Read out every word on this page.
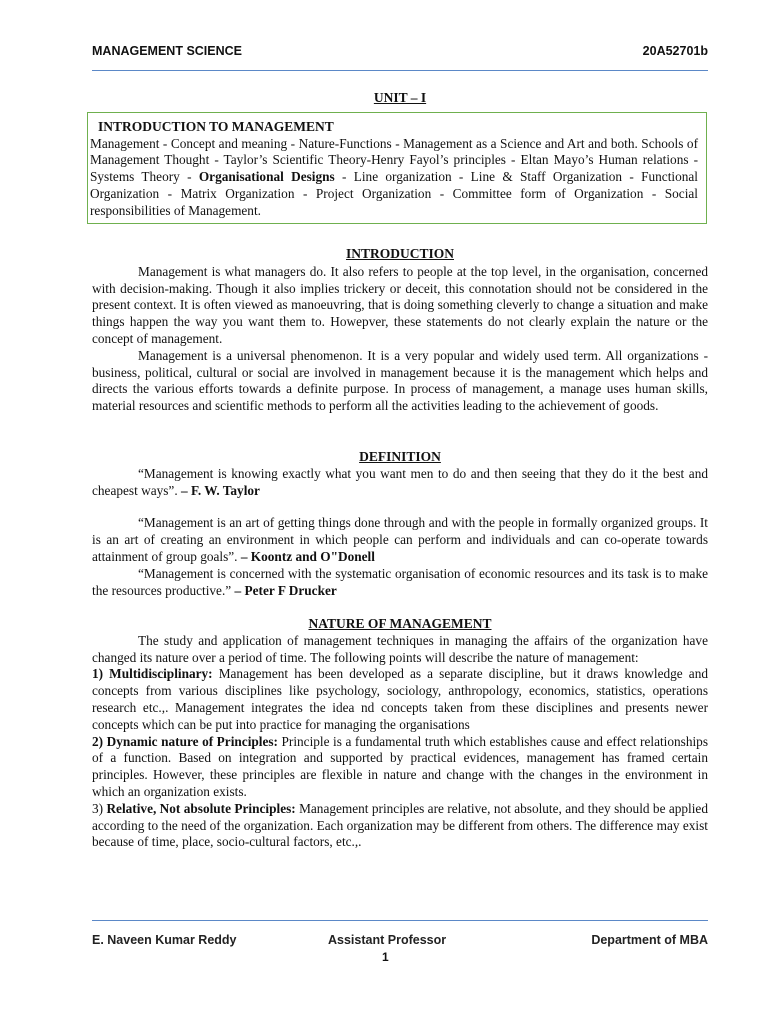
MANAGEMENT SCIENCE	20A52701b
UNIT – I
INTRODUCTION TO MANAGEMENT
Management - Concept and meaning - Nature-Functions - Management as a Science and Art and both. Schools of Management Thought - Taylor’s Scientific Theory-Henry Fayol’s principles - Eltan Mayo’s Human relations - Systems Theory - Organisational Designs - Line organization - Line & Staff Organization - Functional Organization - Matrix Organization - Project Organization - Committee form of Organization - Social responsibilities of Management.
INTRODUCTION
Management is what managers do. It also refers to people at the top level, in the organisation, concerned with decision-making. Though it also implies trickery or deceit, this connotation should not be considered in the present context. It is often viewed as manoeuvring, that is doing something cleverly to change a situation and make things happen the way you want them to. Howepver, these statements do not clearly explain the nature or the concept of management.
Management is a universal phenomenon. It is a very popular and widely used term. All organizations - business, political, cultural or social are involved in management because it is the management which helps and directs the various efforts towards a definite purpose. In process of management, a manage uses human skills, material resources and scientific methods to perform all the activities leading to the achievement of goods.
DEFINITION
“Management is knowing exactly what you want men to do and then seeing that they do it the best and cheapest ways”. – F. W. Taylor
“Management is an art of getting things done through and with the people in formally organized groups. It is an art of creating an environment in which people can perform and individuals and can co-operate towards attainment of group goals”. – Koontz and O"Donell
“Management is concerned with the systematic organisation of economic resources and its task is to make the resources productive.” – Peter F Drucker
NATURE OF MANAGEMENT
The study and application of management techniques in managing the affairs of the organization have changed its nature over a period of time. The following points will describe the nature of management:
1) Multidisciplinary: Management has been developed as a separate discipline, but it draws knowledge and concepts from various disciplines like psychology, sociology, anthropology, economics, statistics, operations research etc.,. Management integrates the idea nd concepts taken from these disciplines and presents newer concepts which can be put into practice for managing the organisations
2) Dynamic nature of Principles: Principle is a fundamental truth which establishes cause and effect relationships of a function. Based on integration and supported by practical evidences, management has framed certain principles. However, these principles are flexible in nature and change with the changes in the environment in which an organization exists.
3) Relative, Not absolute Principles: Management principles are relative, not absolute, and they should be applied according to the need of the organization. Each organization may be different from others. The difference may exist because of time, place, socio-cultural factors, etc.,.
E. Naveen Kumar Reddy	Assistant Professor	Department of MBA
1
